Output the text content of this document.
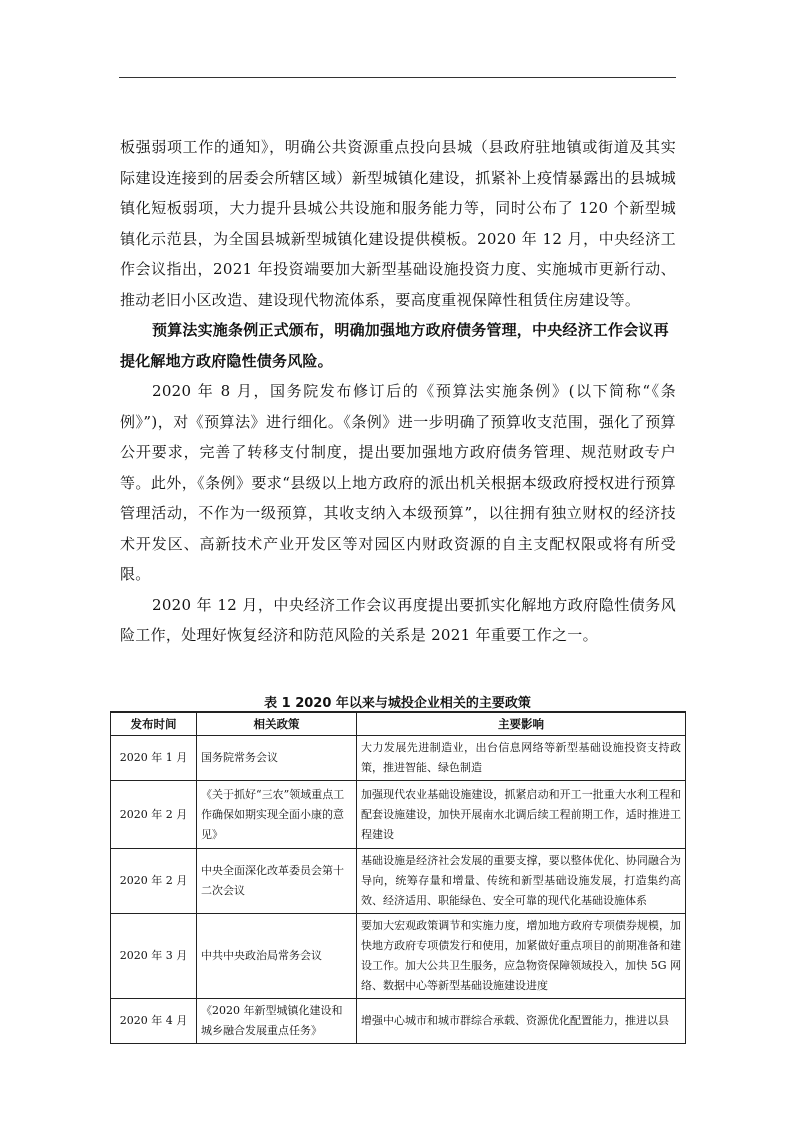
板强弱项工作的通知》，明确公共资源重点投向县城（县政府驻地镇或街道及其实际建设连接到的居委会所辖区域）新型城镇化建设，抓紧补上疫情暴露出的县城城镇化短板弱项，大力提升县城公共设施和服务能力等，同时公布了 120 个新型城镇化示范县，为全国县城新型城镇化建设提供模板。2020 年 12 月，中央经济工作会议指出，2021 年投资端要加大新型基础设施投资力度、实施城市更新行动、推动老旧小区改造、建设现代物流体系，要高度重视保障性租赁住房建设等。

预算法实施条例正式颁布，明确加强地方政府债务管理，中央经济工作会议再提化解地方政府隐性债务风险。

2020 年 8 月，国务院发布修订后的《预算法实施条例》(以下简称“《条例》”)，对《预算法》进行细化。《条例》进一步明确了预算收支范围，强化了预算公开要求，完善了转移支付制度，提出要加强地方政府债务管理、规范财政专户等。此外，《条例》要求“县级以上地方政府的派出机关根据本级政府授权进行预算管理活动，不作为一级预算，其收支纳入本级预算”，以往拥有独立财权的经济技术开发区、高新技术产业开发区等对园区内财政资源的自主支配权限或将有所受限。

2020 年 12 月，中央经济工作会议再度提出要抓实化解地方政府隐性债务风险工作，处理好恢复经济和防范风险的关系是 2021 年重要工作之一。

表 1 2020 年以来与城投企业相关的主要政策
发布时间	相关政策	主要影响
2020 年 1 月	国务院常务会议	大力发展先进制造业，出台信息网络等新型基础设施投资支持政策，推进智能、绿色制造
2020 年 2 月	《关于抓好“三农”领域重点工作确保如期实现全面小康的意见》	加强现代农业基础设施建设，抓紧启动和开工一批重大水利工程和配套设施建设，加快开展南水北调后续工程前期工作，适时推进工程建设
2020 年 2 月	中央全面深化改革委员会第十二次会议	基础设施是经济社会发展的重要支撑，要以整体优化、协同融合为导向，统筹存量和增量、传统和新型基础设施发展，打造集约高效、经济适用、职能绿色、安全可靠的现代化基础设施体系
2020 年 3 月	中共中央政治局常务会议	要加大宏观政策调节和实施力度，增加地方政府专项债券规模，加快地方政府专项债发行和使用，加紧做好重点项目的前期准备和建设工作。加大公共卫生服务，应急物资保障领域投入，加快 5G 网络、数据中心等新型基础设施建设进度
2020 年 4 月	《2020 年新型城镇化建设和城乡融合发展重点任务》	增强中心城市和城市群综合承载、资源优化配置能力，推进以县
